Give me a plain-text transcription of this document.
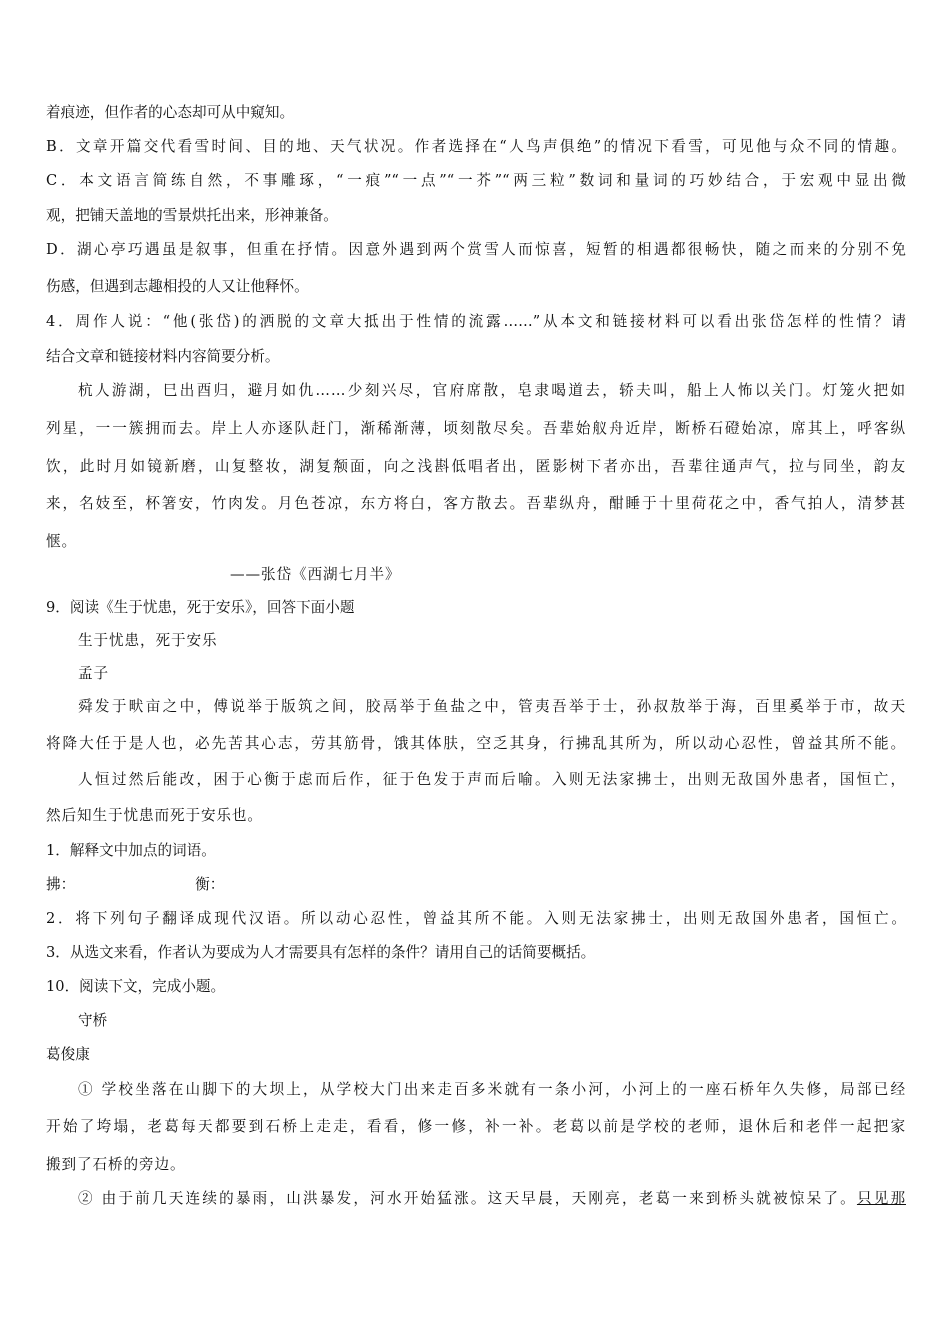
着痕迹，但作者的心态却可从中窥知。
B．文章开篇交代看雪时间、目的地、天气状况。作者选择在“人鸟声俱绝”的情况下看雪，可见他与众不同的情趣。
C．本文语言简练自然，不事雕琢，“一痕”“一点”“一芥”“两三粒”数词和量词的巧妙结合，于宏观中显出微
观，把铺天盖地的雪景烘托出来，形神兼备。
D．湖心亭巧遇虽是叙事，但重在抒情。因意外遇到两个赏雪人而惊喜，短暂的相遇都很畅快，随之而来的分别不免
伤感，但遇到志趣相投的人又让他释怀。
4．周作人说：“他(张岱)的洒脱的文章大抵出于性情的流露……”从本文和链接材料可以看出张岱怎样的性情？请
结合文章和链接材料内容简要分析。
杭人游湖，巳出酉归，避月如仇……少刻兴尽，官府席散，皂隶喝道去，轿夫叫，船上人怖以关门。灯笼火把如
列星，一一簇拥而去。岸上人亦逐队赶门，渐稀渐薄，顷刻散尽矣。吾辈始舣舟近岸，断桥石磴始凉，席其上，呼客纵
饮，此时月如镜新磨，山复整妆，湖复颒面，向之浅斟低唱者出，匿影树下者亦出，吾辈往通声气，拉与同坐，韵友
来，名妓至，杯箸安，竹肉发。月色苍凉，东方将白，客方散去。吾辈纵舟，酣睡于十里荷花之中，香气拍人，清梦甚
惬。
——张岱《西湖七月半》
9．阅读《生于忧患，死于安乐》，回答下面小题
生于忧患，死于安乐
孟子
舜发于畎亩之中，傅说举于版筑之间，胶鬲举于鱼盐之中，管夷吾举于士，孙叔敖举于海，百里奚举于市，故天
将降大任于是人也，必先苦其心志，劳其筋骨，饿其体肤，空乏其身，行拂乱其所为，所以动心忍性，曾益其所不能。
人恒过然后能改，困于心衡于虑而后作，征于色发于声而后喻。入则无法家拂士，出则无敌国外患者，国恒亡，
然后知生于忧患而死于安乐也。
1．解释文中加点的词语。
拂：	衡：
2．将下列句子翻译成现代汉语。所以动心忍性，曾益其所不能。入则无法家拂士，出则无敌国外患者，国恒亡。
3．从选文来看，作者认为要成为人才需要具有怎样的条件？请用自己的话简要概括。
10．阅读下文，完成小题。
守桥
葛俊康
① 学校坐落在山脚下的大坝上，从学校大门出来走百多米就有一条小河，小河上的一座石桥年久失修，局部已经
开始了垮塌，老葛每天都要到石桥上走走，看看，修一修，补一补。老葛以前是学校的老师，退休后和老伴一起把家
搬到了石桥的旁边。
② 由于前几天连续的暴雨，山洪暴发，河水开始猛涨。这天早晨，天刚亮，老葛一来到桥头就被惊呆了。只见那
